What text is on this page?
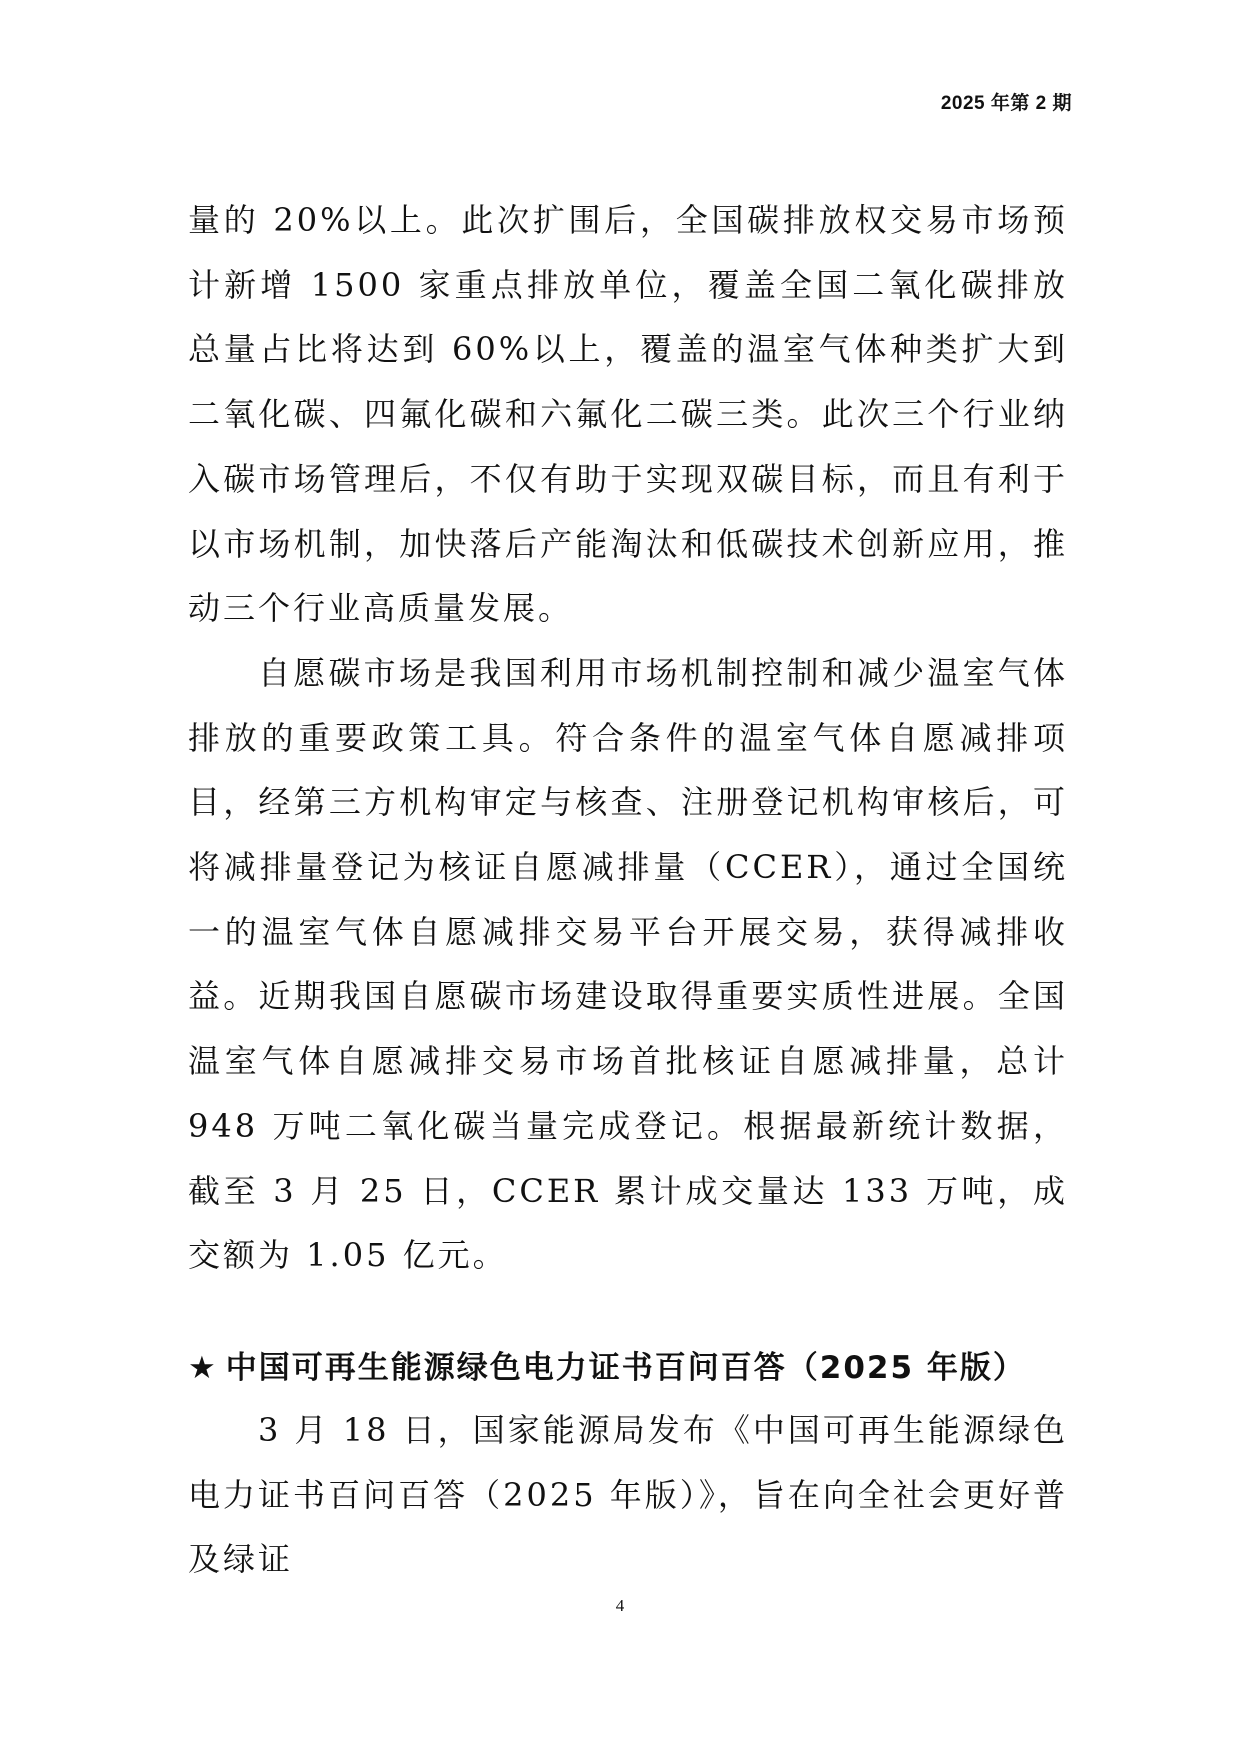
2025 年第 2 期

量的 20%以上。此次扩围后，全国碳排放权交易市场预计新增 1500 家重点排放单位，覆盖全国二氧化碳排放总量占比将达到 60%以上，覆盖的温室气体种类扩大到二氧化碳、四氟化碳和六氟化二碳三类。此次三个行业纳入碳市场管理后，不仅有助于实现双碳目标，而且有利于以市场机制，加快落后产能淘汰和低碳技术创新应用，推动三个行业高质量发展。

自愿碳市场是我国利用市场机制控制和减少温室气体排放的重要政策工具。符合条件的温室气体自愿减排项目，经第三方机构审定与核查、注册登记机构审核后，可将减排量登记为核证自愿减排量（CCER），通过全国统一的温室气体自愿减排交易平台开展交易，获得减排收益。近期我国自愿碳市场建设取得重要实质性进展。全国温室气体自愿减排交易市场首批核证自愿减排量，总计 948 万吨二氧化碳当量完成登记。根据最新统计数据，截至 3 月 25 日，CCER 累计成交量达 133 万吨，成交额为 1.05 亿元。

★ 中国可再生能源绿色电力证书百问百答（2025 年版）

3 月 18 日，国家能源局发布《中国可再生能源绿色电力证书百问百答（2025 年版）》，旨在向全社会更好普及绿证

4
